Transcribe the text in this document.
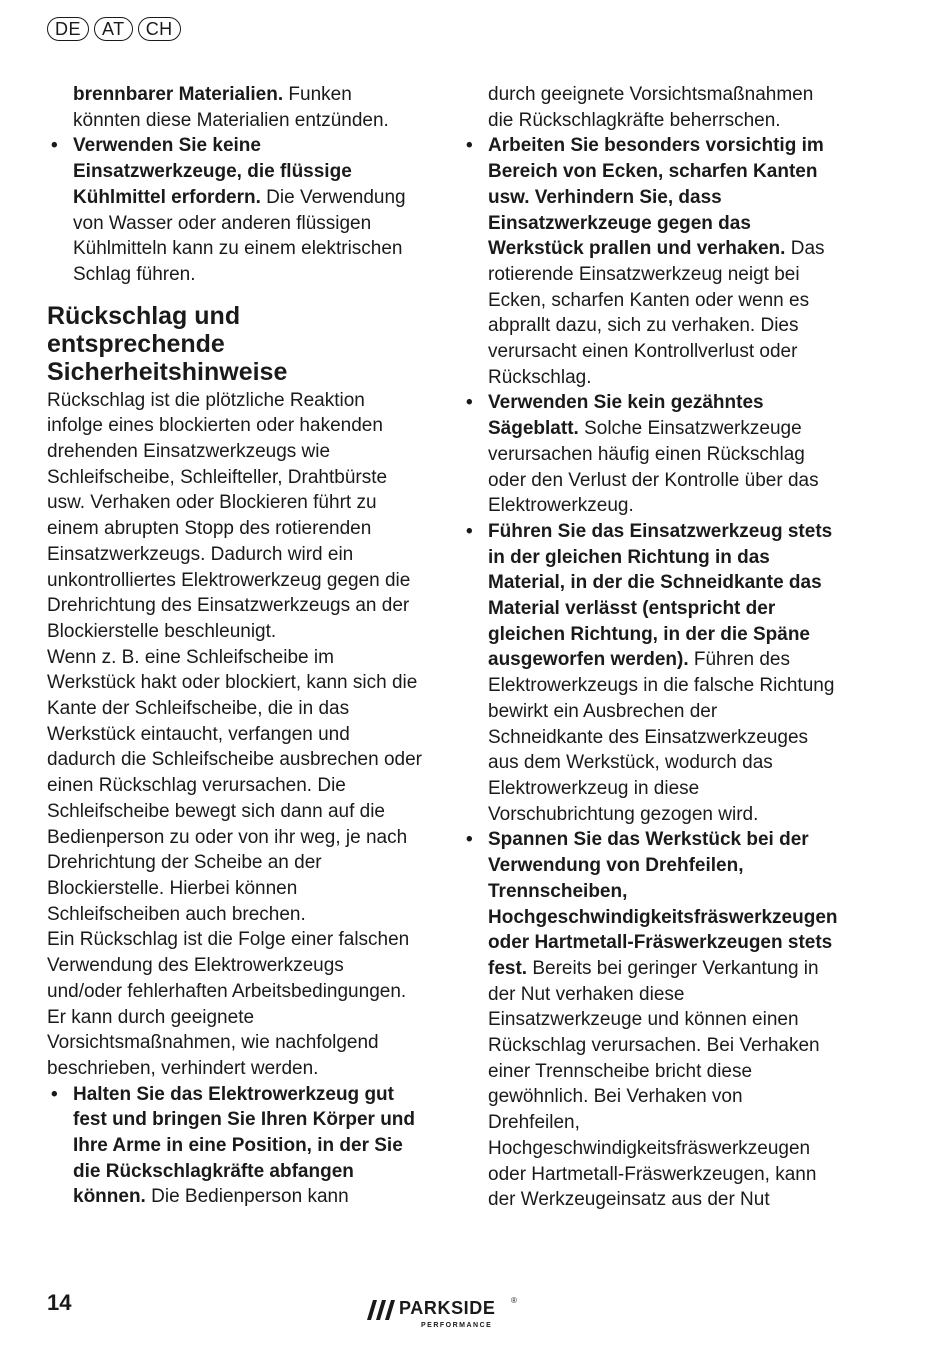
DE	AT	CH

brennbarer Materialien. Funken könnten diese Materialien entzünden.

• Verwenden Sie keine Einsatzwerkzeuge, die flüssige Kühlmittel erfordern. Die Verwendung von Wasser oder anderen flüssigen Kühlmitteln kann zu einem elektrischen Schlag führen.

Rückschlag und entsprechende Sicherheitshinweise

Rückschlag ist die plötzliche Reaktion infolge eines blockierten oder hakenden drehenden Einsatzwerkzeugs wie Schleifscheibe, Schleifteller, Drahtbürste usw. Verhaken oder Blockieren führt zu einem abrupten Stopp des rotierenden Einsatzwerkzeugs. Dadurch wird ein unkontrolliertes Elektrowerkzeug gegen die Drehrichtung des Einsatzwerkzeugs an der Blockierstelle beschleunigt.

Wenn z. B. eine Schleifscheibe im Werkstück hakt oder blockiert, kann sich die Kante der Schleifscheibe, die in das Werkstück eintaucht, verfangen und dadurch die Schleifscheibe ausbrechen oder einen Rückschlag verursachen. Die Schleifscheibe bewegt sich dann auf die Bedienperson zu oder von ihr weg, je nach Drehrichtung der Scheibe an der Blockierstelle. Hierbei können Schleifscheiben auch brechen.

Ein Rückschlag ist die Folge einer falschen Verwendung des Elektrowerkzeugs und/oder fehlerhaften Arbeitsbedingungen. Er kann durch geeignete Vorsichtsmaßnahmen, wie nachfolgend beschrieben, verhindert werden.

• Halten Sie das Elektrowerkzeug gut fest und bringen Sie Ihren Körper und Ihre Arme in eine Position, in der Sie die Rückschlagkräfte abfangen können. Die Bedienperson kann

durch geeignete Vorsichtsmaßnahmen die Rückschlagkräfte beherrschen.

• Arbeiten Sie besonders vorsichtig im Bereich von Ecken, scharfen Kanten usw. Verhindern Sie, dass Einsatzwerkzeuge gegen das Werkstück prallen und verhaken. Das rotierende Einsatzwerkzeug neigt bei Ecken, scharfen Kanten oder wenn es abprallt dazu, sich zu verhaken. Dies verursacht einen Kontrollverlust oder Rückschlag.

• Verwenden Sie kein gezähntes Sägeblatt. Solche Einsatzwerkzeuge verursachen häufig einen Rückschlag oder den Verlust der Kontrolle über das Elektrowerkzeug.

• Führen Sie das Einsatzwerkzeug stets in der gleichen Richtung in das Material, in der die Schneidkante das Material verlässt (entspricht der gleichen Richtung, in der die Späne ausgeworfen werden). Führen des Elektrowerkzeugs in die falsche Richtung bewirkt ein Ausbrechen der Schneidkante des Einsatzwerkzeuges aus dem Werkstück, wodurch das Elektrowerkzeug in diese Vorschubrichtung gezogen wird.

• Spannen Sie das Werkstück bei der Verwendung von Drehfeilen, Trennscheiben, Hochgeschwindigkeitsfräswerkzeugen oder Hartmetall-Fräswerkzeugen stets fest. Bereits bei geringer Verkantung in der Nut verhaken diese Einsatzwerkzeuge und können einen Rückschlag verursachen. Bei Verhaken einer Trennscheibe bricht diese gewöhnlich. Bei Verhaken von Drehfeilen, Hochgeschwindigkeitsfräswerkzeugen oder Hartmetall-Fräswerkzeugen, kann der Werkzeugeinsatz aus der Nut

14	PARKSIDE ®
PERFORMANCE
